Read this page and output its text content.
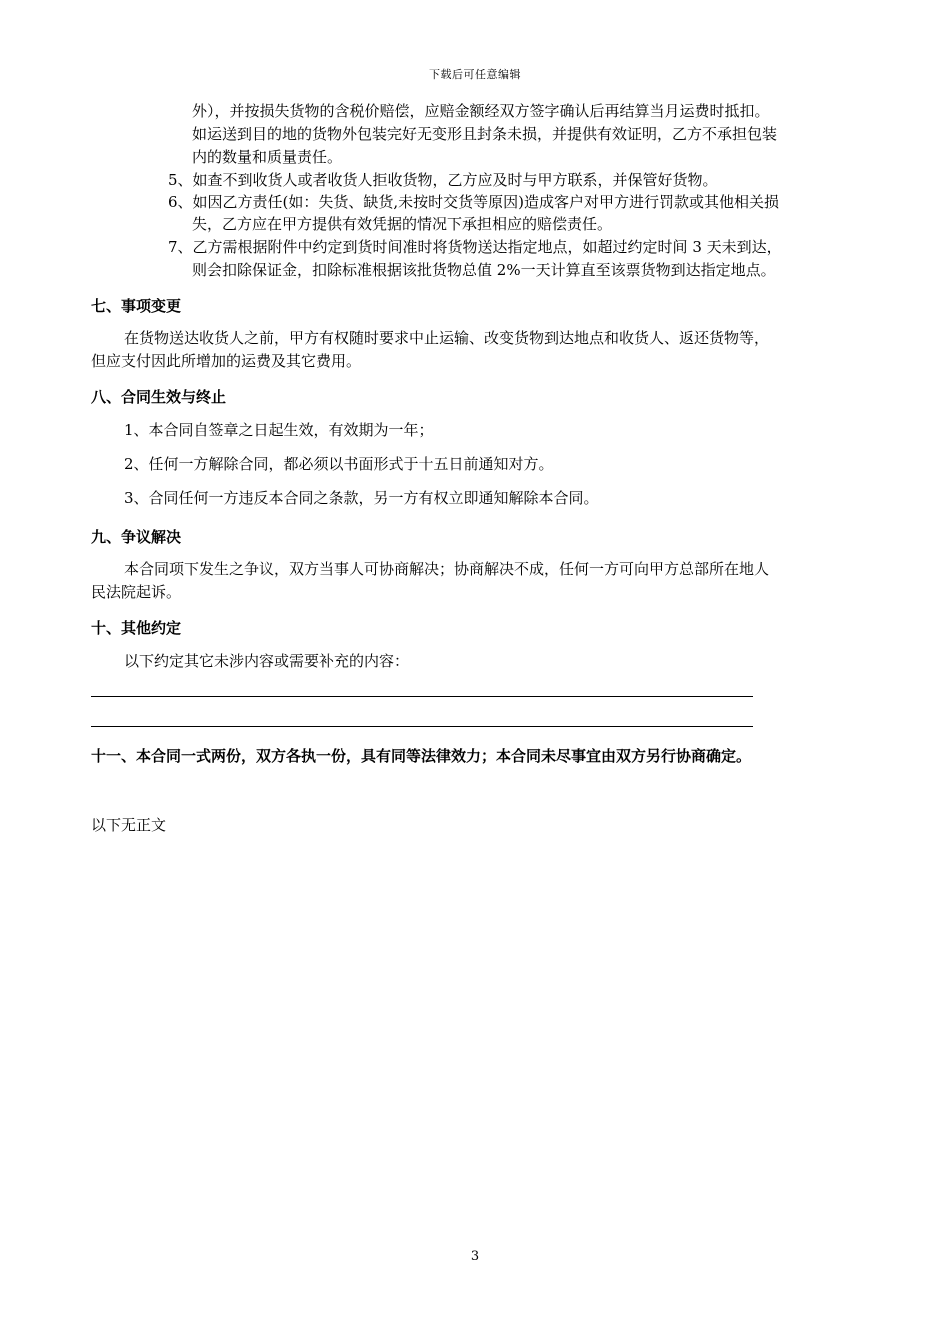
下载后可任意编辑
外），并按损失货物的含税价赔偿，应赔金额经双方签字确认后再结算当月运费时抵扣。
如运送到目的地的货物外包装完好无变形且封条未损，并提供有效证明，乙方不承担包装
内的数量和质量责任。
5、如查不到收货人或者收货人拒收货物，乙方应及时与甲方联系，并保管好货物。
6、如因乙方责任(如：失货、缺货,未按时交货等原因)造成客户对甲方进行罚款或其他相关损
失，乙方应在甲方提供有效凭据的情况下承担相应的赔偿责任。
7、乙方需根据附件中约定到货时间准时将货物送达指定地点，如超过约定时间 3 天未到达，
则会扣除保证金，扣除标准根据该批货物总值 2%一天计算直至该票货物到达指定地点。
七、事项变更
在货物送达收货人之前，甲方有权随时要求中止运输、改变货物到达地点和收货人、返还货物等，
但应支付因此所增加的运费及其它费用。
八、合同生效与终止
1、本合同自签章之日起生效，有效期为一年；
2、任何一方解除合同，都必须以书面形式于十五日前通知对方。
3、合同任何一方违反本合同之条款，另一方有权立即通知解除本合同。
九、争议解决
本合同项下发生之争议，双方当事人可协商解决；协商解决不成，任何一方可向甲方总部所在地人
民法院起诉。
十、其他约定
以下约定其它未涉内容或需要补充的内容：
十一、本合同一式两份，双方各执一份，具有同等法律效力；本合同未尽事宜由双方另行协商确定。
以下无正文
3
